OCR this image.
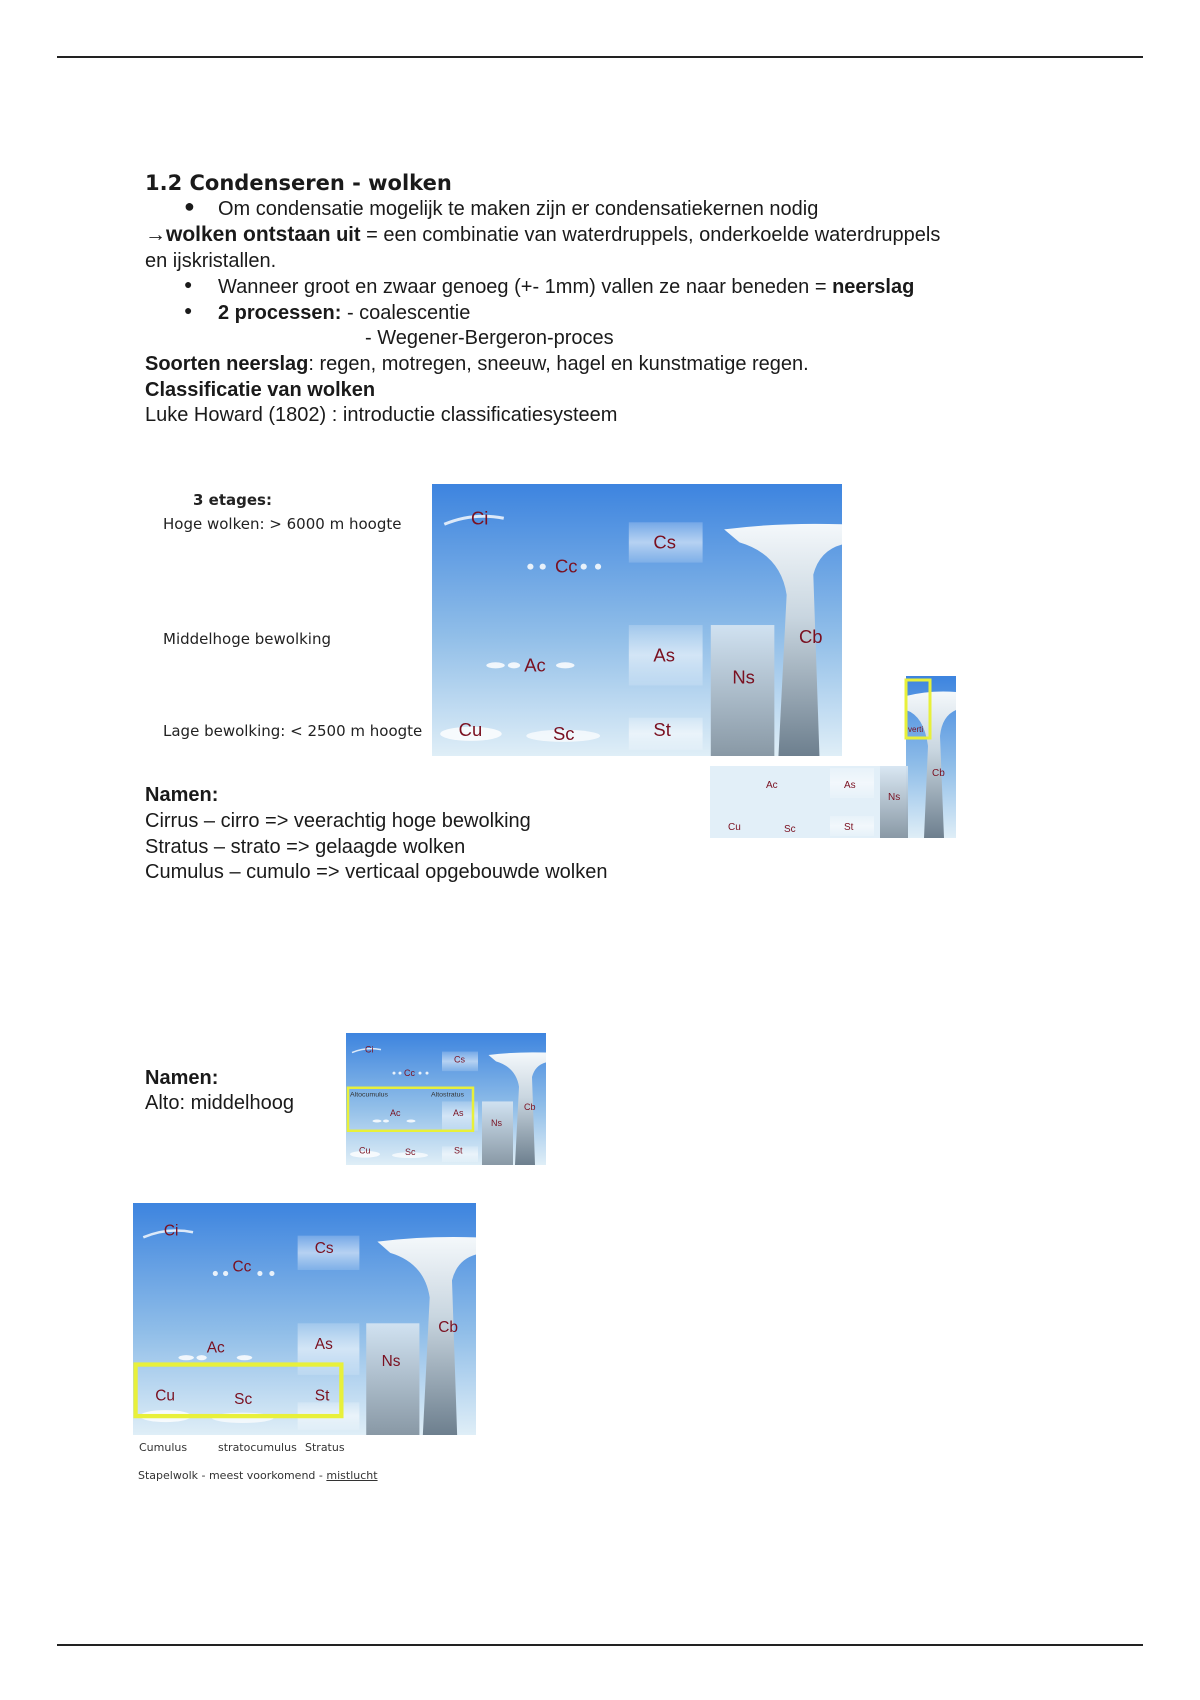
1.2 Condenseren - wolken
● Om condensatie mogelijk te maken zijn er condensatiekernen nodig
→wolken ontstaan uit = een combinatie van waterdruppels, onderkoelde waterdruppels
en ijskristallen.
● Wanneer groot en zwaar genoeg (+- 1mm) vallen ze naar beneden = neerslag
● 2 processen: - coalescentie
- Wegener-Bergeron-proces
Soorten neerslag: regen, motregen, sneeuw, hagel en kunstmatige regen.
Classificatie van wolken
Luke Howard (1802) : introductie classificatiesysteem
3 etages:
Hoge wolken: > 6000 m hoogte
Middelhoge bewolking
Lage bewolking: < 2500 m hoogte
Ci
Cc
Cs
Ac	As
Ns
Cb
Cu	Sc	St	verti
Ac	As
Ns
Cb
Cu	Sc	St
Namen:
Cirrus – cirro => veerachtig hoge bewolking
Stratus – strato => gelaagde wolken
Cumulus – cumulo => verticaal opgebouwde wolken
Namen:
Alto: middelhoog	Altocumulus	Altostratus
Ci
Cc
Cs
Ac	As
Ns
Cb
Cu Sc St
Ci
Cc
Cs
Ac	As
Ns
Cb
Cu	Sc	St
Cumulus	stratocumulus Stratus
Stapelwolk - meest voorkomend - mistlucht
